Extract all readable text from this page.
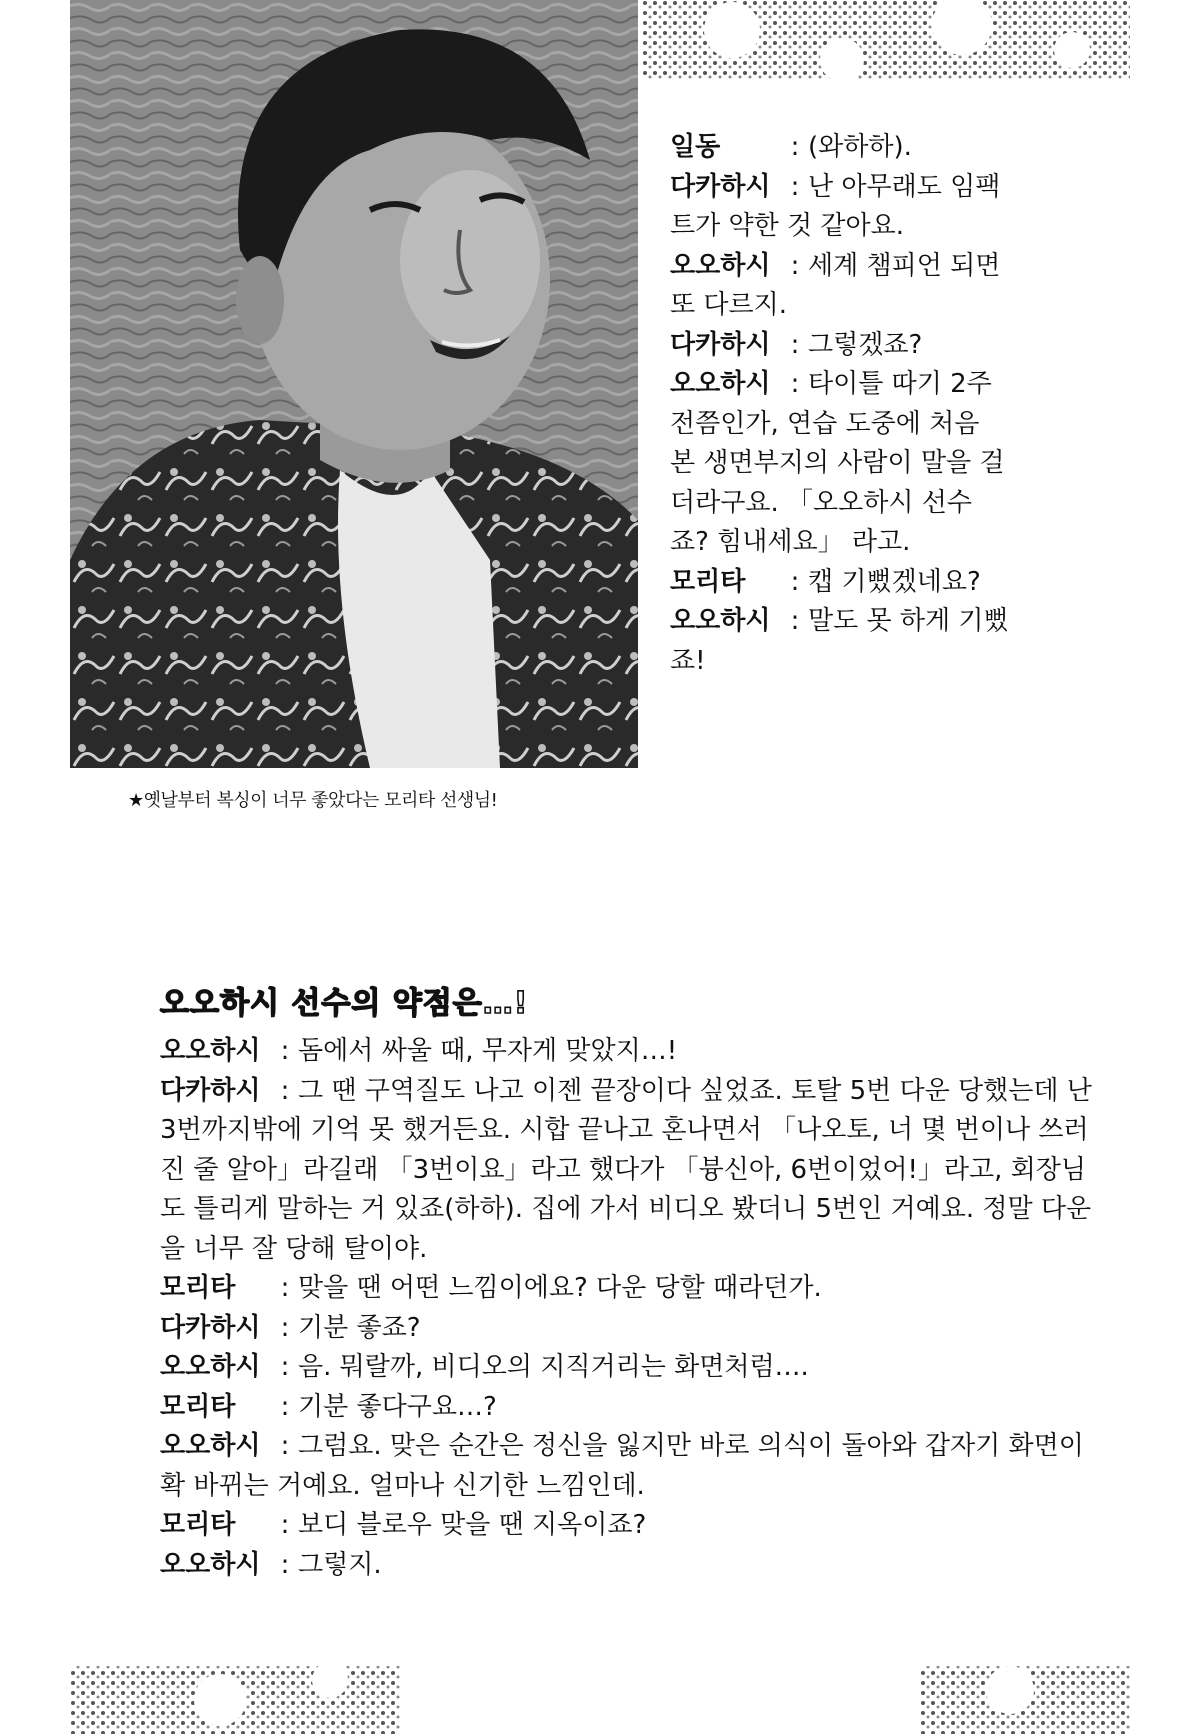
★옛날부터 복싱이 너무 좋았다는 모리타 선생님!

일동	: (와하하).

다카하시 : 난 아무래도 임팩트가 약한 것 같아요.

오오하시 : 세계 챔피언 되면 또 다르지.

다카하시 : 그렇겠죠?

오오하시 : 타이틀 따기 2주 전쯤인가, 연습 도중에 처음 본 생면부지의 사람이 말을 걸더라구요. 「오오하시 선수죠? 힘내세요」 라고.

모리타 : 캡 기뻤겠네요?

오오하시 : 말도 못 하게 기뻤죠!

오오하시 선수의 약점은…!

오오하시 : 돔에서 싸울 때, 무자게 맞았지…!

다카하시 : 그 땐 구역질도 나고 이젠 끝장이다 싶었죠. 토탈 5번 다운 당했는데 난 3번까지밖에 기억 못 했거든요. 시합 끝나고 혼나면서 「나오토, 너 몇 번이나 쓰러진 줄 알아」라길래 「3번이요」라고 했다가 「븅신아, 6번이었어!」라고, 회장님도 틀리게 말하는 거 있죠(하하). 집에 가서 비디오 봤더니 5번인 거예요. 정말 다운을 너무 잘 당해 탈이야.

모리타 : 맞을 땐 어떤 느낌이에요? 다운 당할 때라던가.

다카하시 : 기분 좋죠?

오오하시 : 음. 뭐랄까, 비디오의 지직거리는 화면처럼….

모리타 : 기분 좋다구요…?

오오하시 : 그럼요. 맞은 순간은 정신을 잃지만 바로 의식이 돌아와 갑자기 화면이 확 바뀌는 거예요. 얼마나 신기한 느낌인데.

모리타 : 보디 블로우 맞을 땐 지옥이죠?

오오하시 : 그렇지.
